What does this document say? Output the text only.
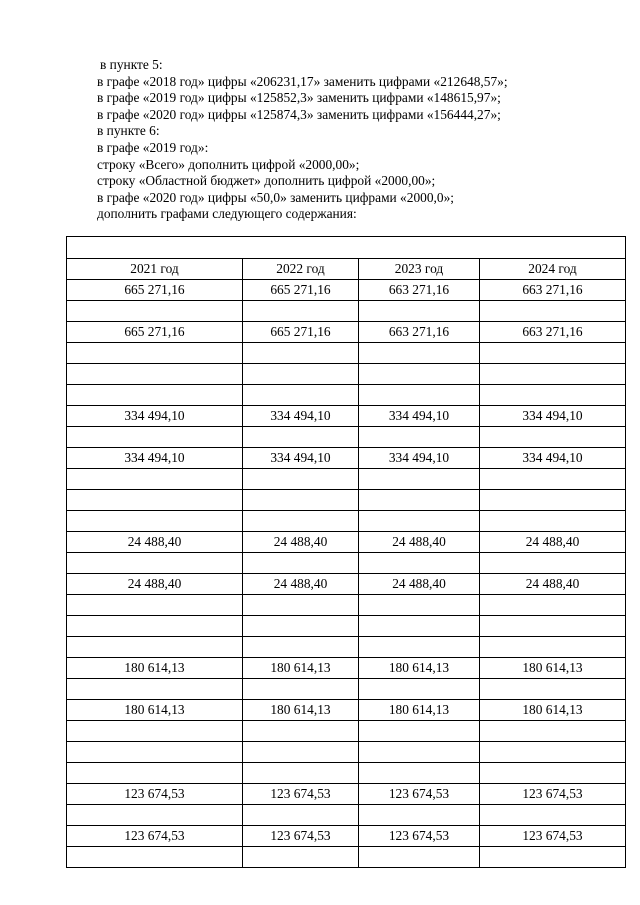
в пункте 5:
в графе «2018 год» цифры «206231,17» заменить цифрами «212648,57»;
в графе «2019 год» цифры «125852,3» заменить цифрами «148615,97»;
в графе «2020 год» цифры «125874,3» заменить цифрами «156444,27»;
в пункте 6:
в графе «2019 год»:
строку «Всего» дополнить цифрой «2000,00»;
строку «Областной бюджет» дополнить цифрой «2000,00»;
в графе «2020 год» цифры «50,0» заменить цифрами «2000,0»;
дополнить графами следующего содержания:

2021 год	2022 год	2023 год	2024 год
665 271,16	665 271,16	663 271,16	663 271,16

665 271,16	665 271,16	663 271,16	663 271,16

334 494,10	334 494,10	334 494,10	334 494,10

334 494,10	334 494,10	334 494,10	334 494,10

24 488,40	24 488,40	24 488,40	24 488,40

24 488,40	24 488,40	24 488,40	24 488,40

180 614,13	180 614,13	180 614,13	180 614,13

180 614,13	180 614,13	180 614,13	180 614,13

123 674,53	123 674,53	123 674,53	123 674,53

123 674,53	123 674,53	123 674,53	123 674,53
